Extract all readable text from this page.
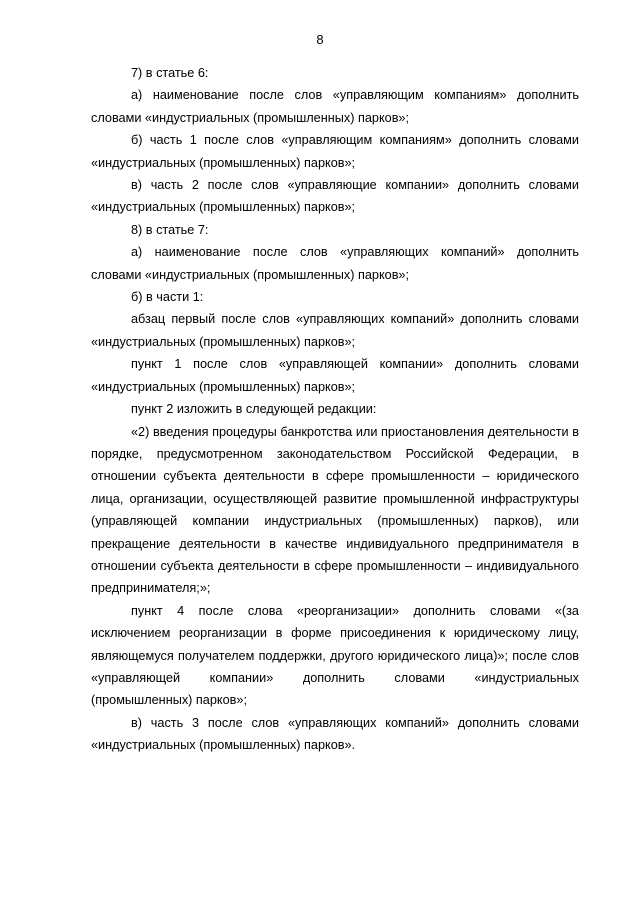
8

7) в статье 6:

а) наименование после слов «управляющим компаниям» дополнить словами «индустриальных (промышленных) парков»;

б) часть 1 после слов «управляющим компаниям» дополнить словами «индустриальных (промышленных) парков»;

в) часть 2 после слов «управляющие компании» дополнить словами «индустриальных (промышленных) парков»;

8) в статье 7:

а) наименование после слов «управляющих компаний» дополнить словами «индустриальных (промышленных) парков»;

б) в части 1:

абзац первый после слов «управляющих компаний» дополнить словами «индустриальных (промышленных) парков»;

пункт 1 после слов «управляющей компании» дополнить словами «индустриальных (промышленных) парков»;

пункт 2 изложить в следующей редакции:

«2) введения процедуры банкротства или приостановления деятельности в порядке, предусмотренном законодательством Российской Федерации, в отношении субъекта деятельности в сфере промышленности – юридического лица, организации, осуществляющей развитие промышленной инфраструктуры (управляющей компании индустриальных (промышленных) парков), или прекращение деятельности в качестве индивидуального предпринимателя в отношении субъекта деятельности в сфере промышленности – индивидуального предпринимателя;»;

пункт 4 после слова «реорганизации» дополнить словами «(за исключением реорганизации в форме присоединения к юридическому лицу, являющемуся получателем поддержки, другого юридического лица)»; после слов «управляющей компании» дополнить словами «индустриальных (промышленных) парков»;

в) часть 3 после слов «управляющих компаний» дополнить словами «индустриальных (промышленных) парков».
